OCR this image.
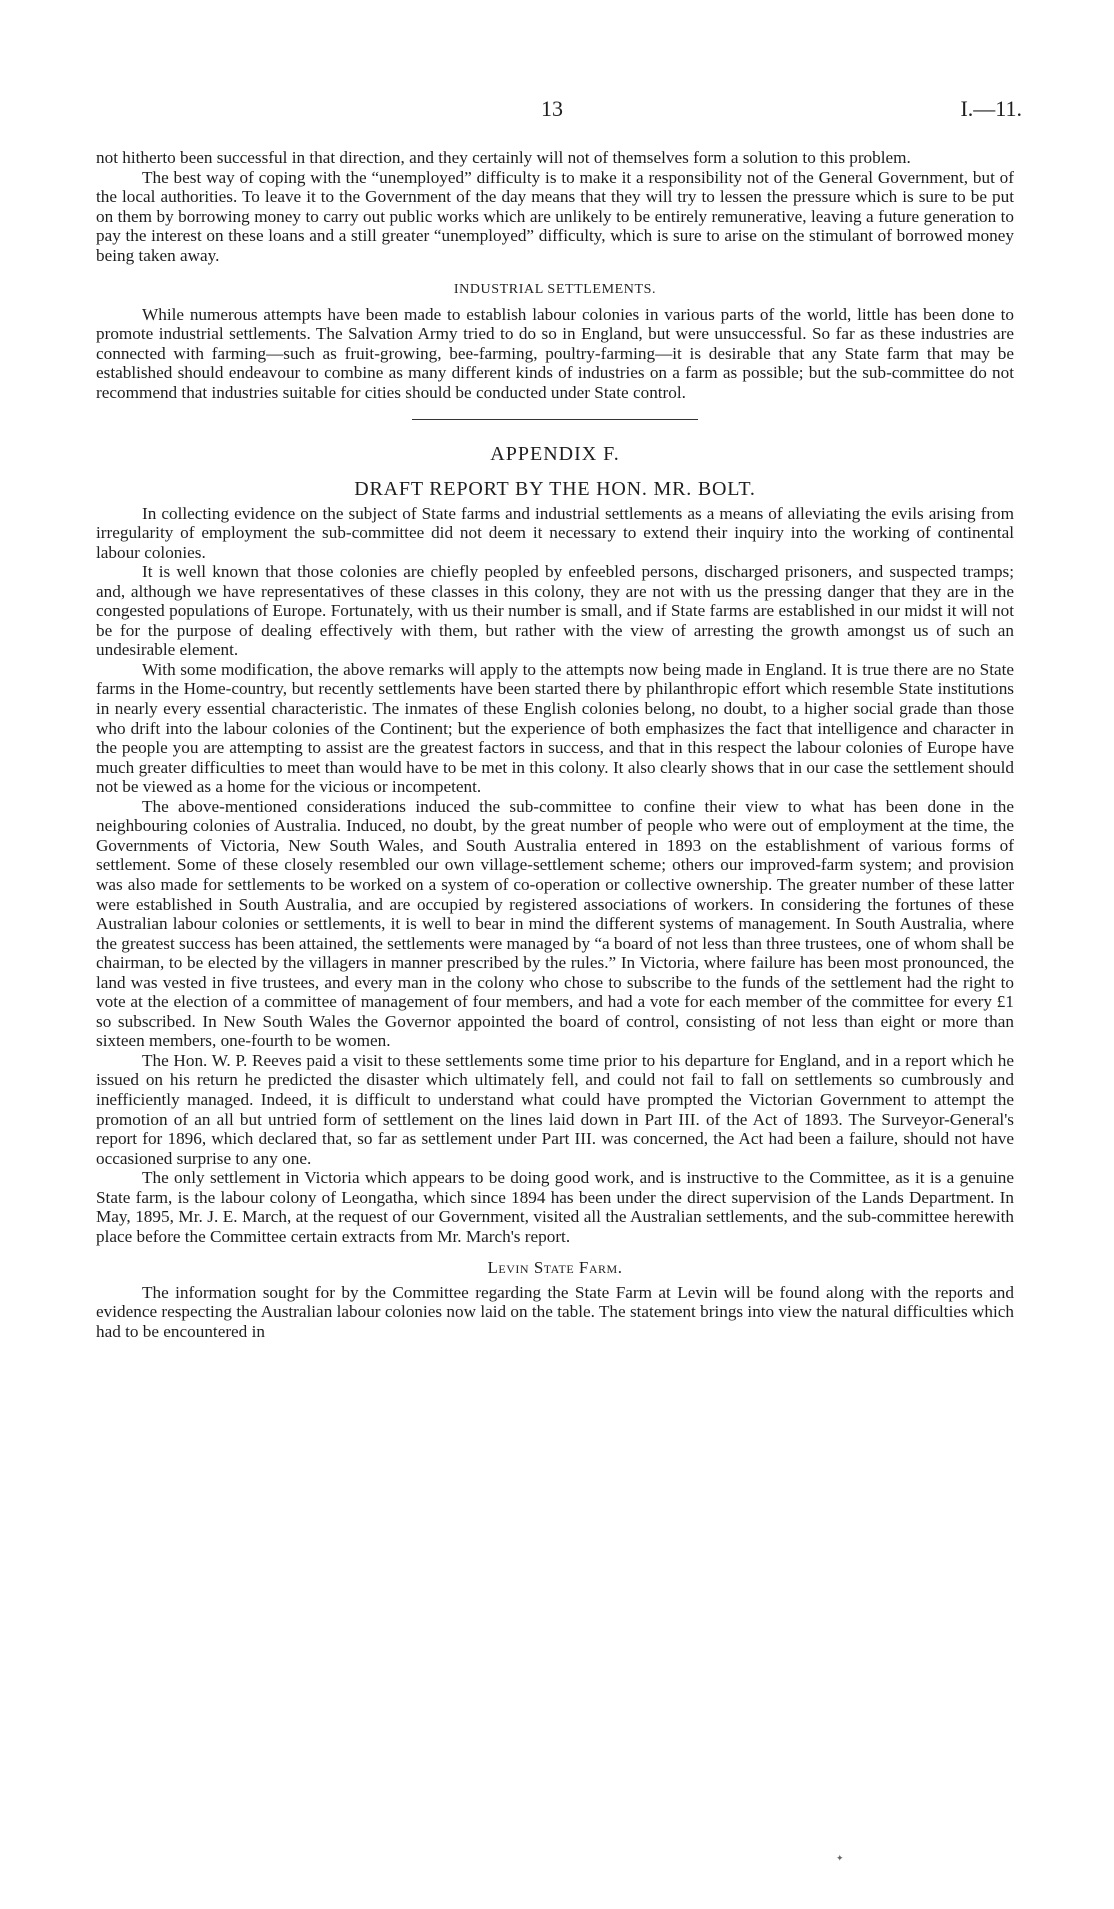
13	I.—11.

not hitherto been successful in that direction, and they certainly will not of themselves form a solution to this problem.

The best way of coping with the “unemployed” difficulty is to make it a responsibility not of the General Government, but of the local authorities. To leave it to the Government of the day means that they will try to lessen the pressure which is sure to be put on them by borrowing money to carry out public works which are unlikely to be entirely remunerative, leaving a future generation to pay the interest on these loans and a still greater “unemployed” difficulty, which is sure to arise on the stimulant of borrowed money being taken away.

INDUSTRIAL SETTLEMENTS.

While numerous attempts have been made to establish labour colonies in various parts of the world, little has been done to promote industrial settlements. The Salvation Army tried to do so in England, but were unsuccessful. So far as these industries are connected with farming—such as fruit-growing, bee-farming, poultry-farming—it is desirable that any State farm that may be established should endeavour to combine as many different kinds of industries on a farm as possible; but the sub-committee do not recommend that industries suitable for cities should be conducted under State control.

APPENDIX F.
DRAFT REPORT BY THE HON. MR. BOLT.

In collecting evidence on the subject of State farms and industrial settlements as a means of alleviating the evils arising from irregularity of employment the sub-committee did not deem it necessary to extend their inquiry into the working of continental labour colonies.

It is well known that those colonies are chiefly peopled by enfeebled persons, discharged prisoners, and suspected tramps; and, although we have representatives of these classes in this colony, they are not with us the pressing danger that they are in the congested populations of Europe. Fortunately, with us their number is small, and if State farms are established in our midst it will not be for the purpose of dealing effectively with them, but rather with the view of arresting the growth amongst us of such an undesirable element.

With some modification, the above remarks will apply to the attempts now being made in England. It is true there are no State farms in the Home-country, but recently settlements have been started there by philanthropic effort which resemble State institutions in nearly every essential characteristic. The inmates of these English colonies belong, no doubt, to a higher social grade than those who drift into the labour colonies of the Continent; but the experience of both emphasizes the fact that intelligence and character in the people you are attempting to assist are the greatest factors in success, and that in this respect the labour colonies of Europe have much greater difficulties to meet than would have to be met in this colony. It also clearly shows that in our case the settlement should not be viewed as a home for the vicious or incompetent.

The above-mentioned considerations induced the sub-committee to confine their view to what has been done in the neighbouring colonies of Australia. Induced, no doubt, by the great number of people who were out of employment at the time, the Governments of Victoria, New South Wales, and South Australia entered in 1893 on the establishment of various forms of settlement. Some of these closely resembled our own village-settlement scheme; others our improved-farm system; and provision was also made for settlements to be worked on a system of co-operation or collective ownership. The greater number of these latter were established in South Australia, and are occupied by registered associations of workers. In considering the fortunes of these Australian labour colonies or settlements, it is well to bear in mind the different systems of management. In South Australia, where the greatest success has been attained, the settlements were managed by “a board of not less than three trustees, one of whom shall be chairman, to be elected by the villagers in manner prescribed by the rules.” In Victoria, where failure has been most pronounced, the land was vested in five trustees, and every man in the colony who chose to subscribe to the funds of the settlement had the right to vote at the election of a committee of management of four members, and had a vote for each member of the committee for every £1 so subscribed. In New South Wales the Governor appointed the board of control, consisting of not less than eight or more than sixteen members, one-fourth to be women.

The Hon. W. P. Reeves paid a visit to these settlements some time prior to his departure for England, and in a report which he issued on his return he predicted the disaster which ultimately fell, and could not fail to fall on settlements so cumbrously and inefficiently managed. Indeed, it is difficult to understand what could have prompted the Victorian Government to attempt the promotion of an all but untried form of settlement on the lines laid down in Part III. of the Act of 1893. The Surveyor-General's report for 1896, which declared that, so far as settlement under Part III. was concerned, the Act had been a failure, should not have occasioned surprise to any one.

The only settlement in Victoria which appears to be doing good work, and is instructive to the Committee, as it is a genuine State farm, is the labour colony of Leongatha, which since 1894 has been under the direct supervision of the Lands Department. In May, 1895, Mr. J. E. March, at the request of our Government, visited all the Australian settlements, and the sub-committee herewith place before the Committee certain extracts from Mr. March's report.

Levin State Farm.

The information sought for by the Committee regarding the State Farm at Levin will be found along with the reports and evidence respecting the Australian labour colonies now laid on the table. The statement brings into view the natural difficulties which had to be encountered in

✦
